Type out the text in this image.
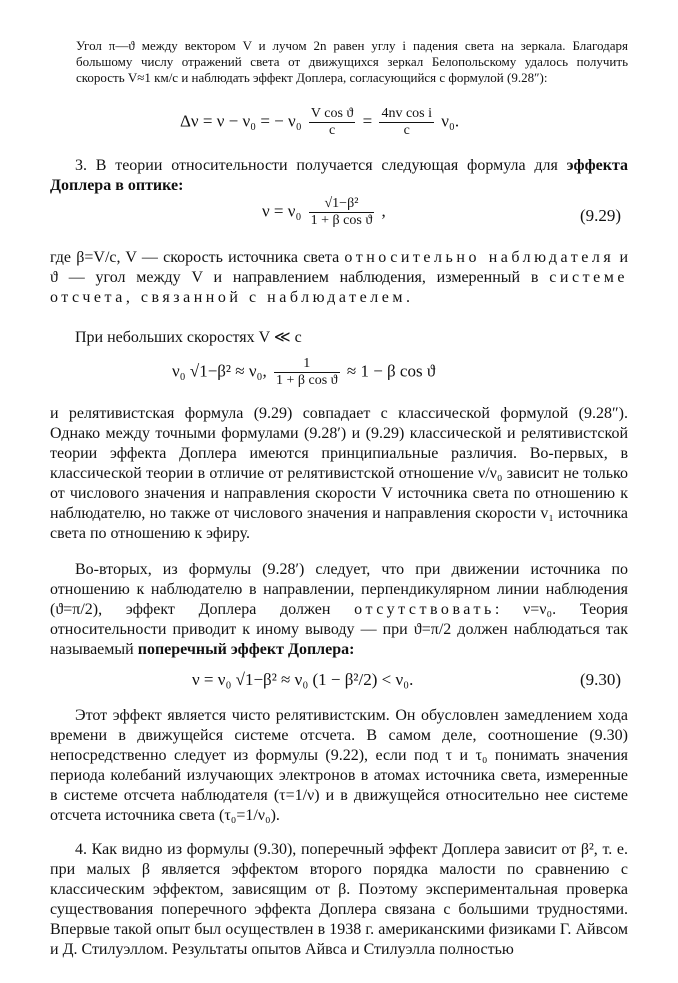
Угол π—ϑ между вектором V и лучом 2n равен углу i падения света на зеркала. Благодаря большому числу отражений света от движущихся зеркал Белопольскому удалось получить скорость V≈1 км/с и наблюдать эффект Доплера, согласующийся с формулой (9.28″):

Δν = ν − ν₀ = − $\nu_0 \frac{\text{V cos ϑ}}{c} = \frac{\text{4nv cos i}}{c} \nu_0$.

3. В теории относительности получается следующая формула для эффекта Доплера в оптике:

$\nu = \nu_0 \frac{\text{√1−β²}}{\text{1 + β cos ϑ}}$ ,	(9.29)

где β=V/c, V — скорость источника света относительно наблюдателя и ϑ — угол между V и направлением наблюдения, измеренный в системе отсчета, связанной с наблюдателем.

При небольших скоростях V ≪ c

ν₀ √1−β² ≈ ν₀, $\frac{1}{\text{1 + β cos ϑ}} \approx 1 - \beta$ cos ϑ

и релятивистская формула (9.29) совпадает с классической формулой (9.28″). Однако между точными формулами (9.28′) и (9.29) классической и релятивистской теории эффекта Доплера имеются принципиальные различия. Во-первых, в классической теории в отличие от релятивистской отношение ν/ν₀ зависит не только от числового значения и направления скорости V источника света по отношению к наблюдателю, но также от числового значения и направления скорости v₁ источника света по отношению к эфиру.

Во-вторых, из формулы (9.28′) следует, что при движении источника по отношению к наблюдателю в направлении, перпендикулярном линии наблюдения (ϑ=π/2), эффект Доплера должен отсутствовать: ν=ν₀. Теория относительности приводит к иному выводу — при ϑ=π/2 должен наблюдаться так называемый поперечный эффект Доплера:

ν = ν₀ √1−β² ≈ ν₀ (1 − β²/2) < ν₀.	(9.30)

Этот эффект является чисто релятивистским. Он обусловлен замедлением хода времени в движущейся системе отсчета. В самом деле, соотношение (9.30) непосредственно следует из формулы (9.22), если под τ и τ₀ понимать значения периода колебаний излучающих электронов в атомах источника света, измеренные в системе отсчета наблюдателя (τ=1/ν) и в движущейся относительно нее системе отсчета источника света (τ₀=1/ν₀).

4. Как видно из формулы (9.30), поперечный эффект Доплера зависит от β², т. е. при малых β является эффектом второго порядка малости по сравнению с классическим эффектом, зависящим от β. Поэтому экспериментальная проверка существования поперечного эффекта Доплера связана с большими трудностями. Впервые такой опыт был осуществлен в 1938 г. американскими физиками Г. Айвсом и Д. Стилуэллом. Результаты опытов Айвса и Стилуэлла полностью
